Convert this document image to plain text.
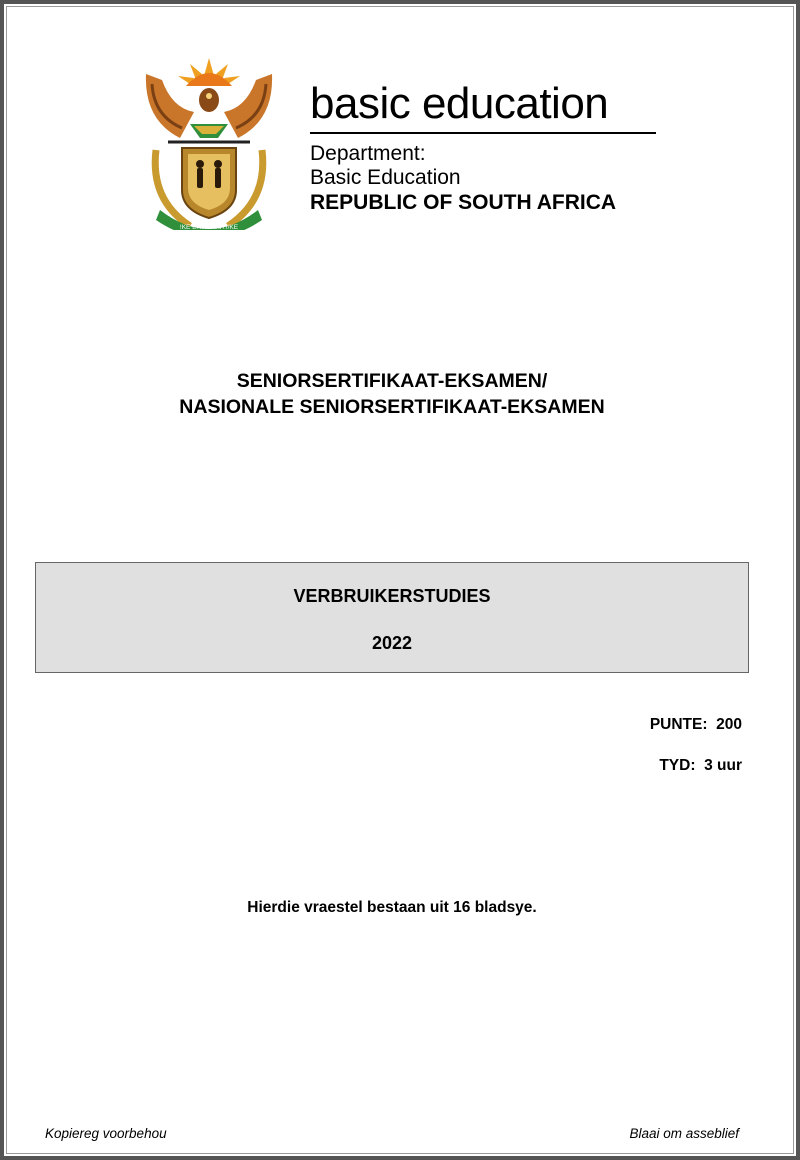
!KE E: /XARRA //KE
basic education
Department:
Basic Education
REPUBLIC OF SOUTH AFRICA
SENIORSERTIFIKAAT-EKSAMEN/
NASIONALE SENIORSERTIFIKAAT-EKSAMEN
VERBRUIKERSTUDIES
2022
PUNTE:  200
TYD:  3 uur
Hierdie vraestel bestaan uit 16 bladsye.
Kopiereg voorbehou	Blaai om asseblief
